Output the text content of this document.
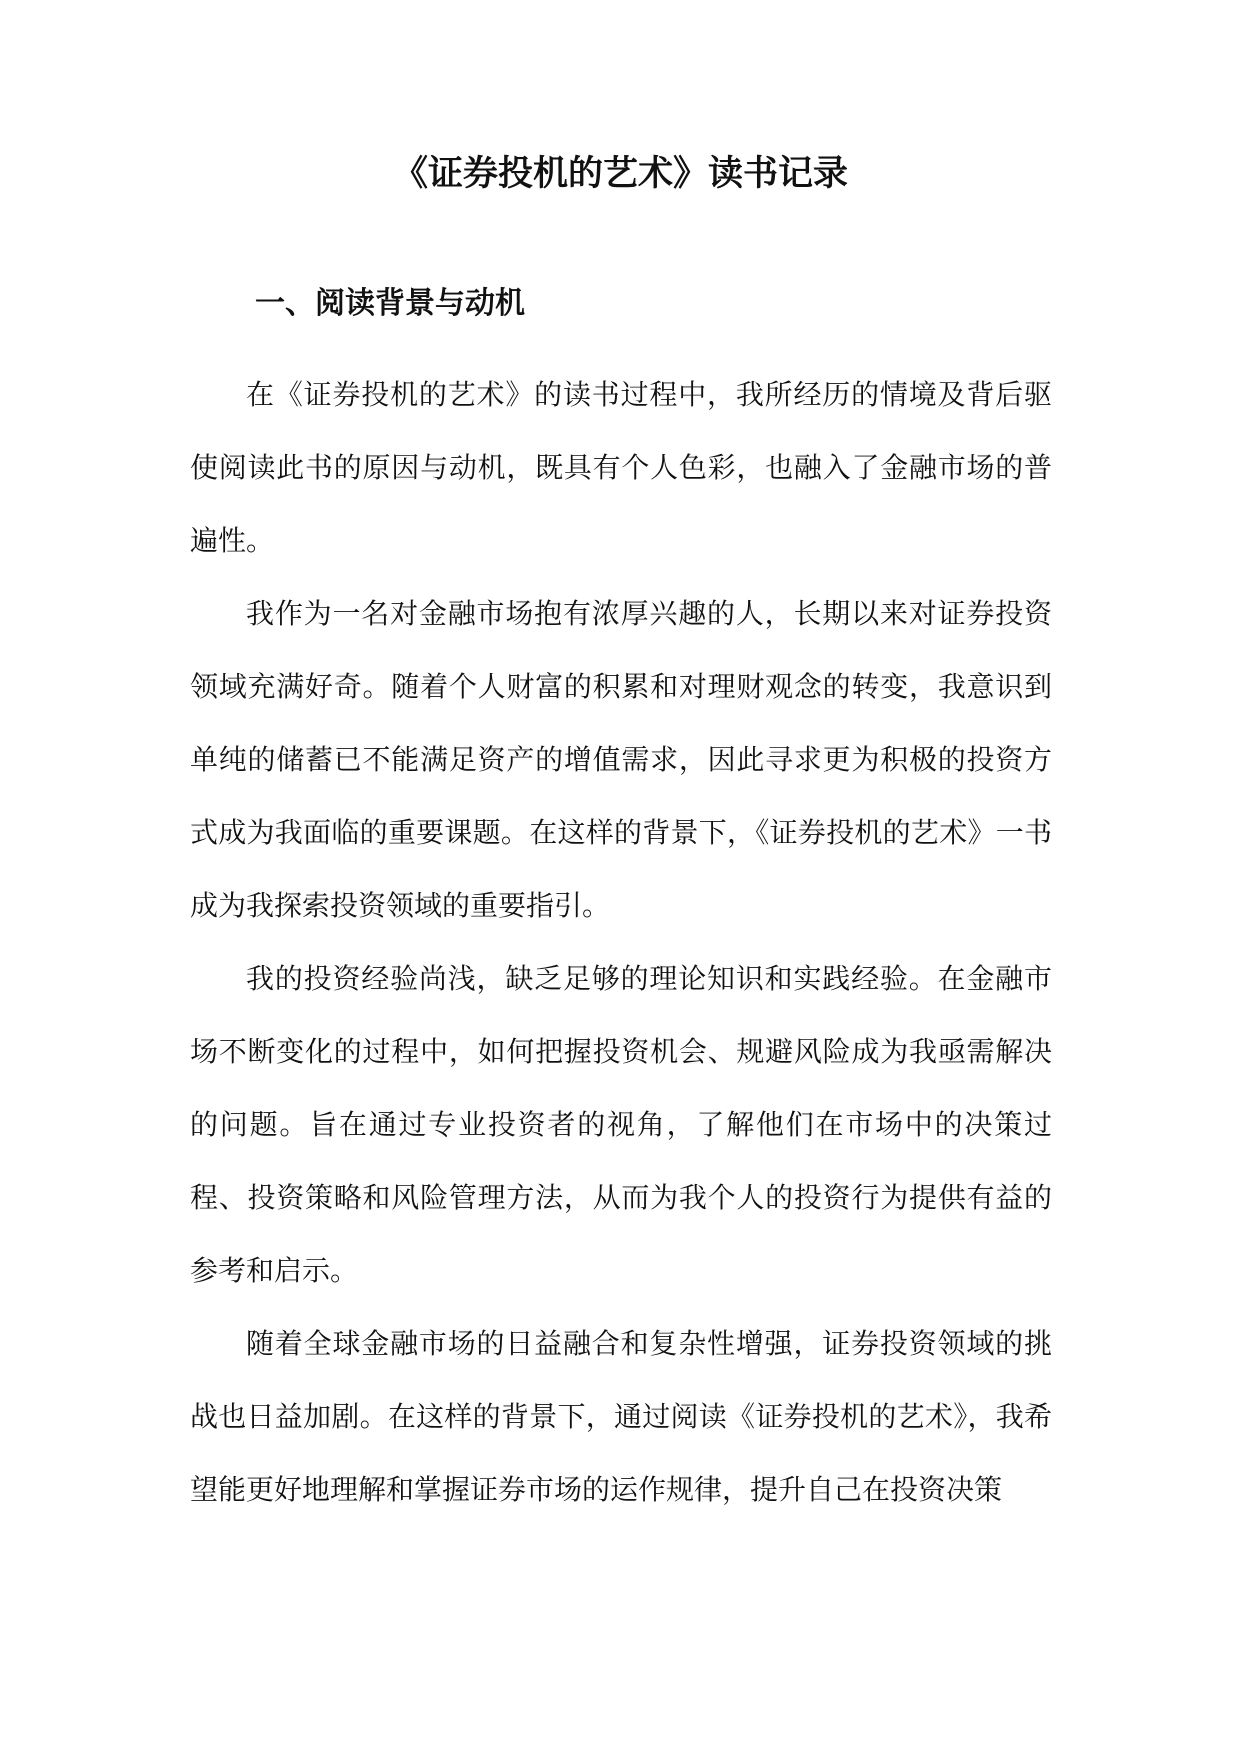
《证券投机的艺术》读书记录
一、阅读背景与动机

在《证券投机的艺术》的读书过程中，我所经历的情境及背后驱使阅读此书的原因与动机，既具有个人色彩，也融入了金融市场的普遍性。

我作为一名对金融市场抱有浓厚兴趣的人，长期以来对证券投资领域充满好奇。随着个人财富的积累和对理财观念的转变，我意识到单纯的储蓄已不能满足资产的增值需求，因此寻求更为积极的投资方式成为我面临的重要课题。在这样的背景下，《证券投机的艺术》一书成为我探索投资领域的重要指引。

我的投资经验尚浅，缺乏足够的理论知识和实践经验。在金融市场不断变化的过程中，如何把握投资机会、规避风险成为我亟需解决的问题。旨在通过专业投资者的视角，了解他们在市场中的决策过程、投资策略和风险管理方法，从而为我个人的投资行为提供有益的参考和启示。

随着全球金融市场的日益融合和复杂性增强，证券投资领域的挑战也日益加剧。在这样的背景下，通过阅读《证券投机的艺术》，我希望能更好地理解和掌握证券市场的运作规律，提升自己在投资决策
